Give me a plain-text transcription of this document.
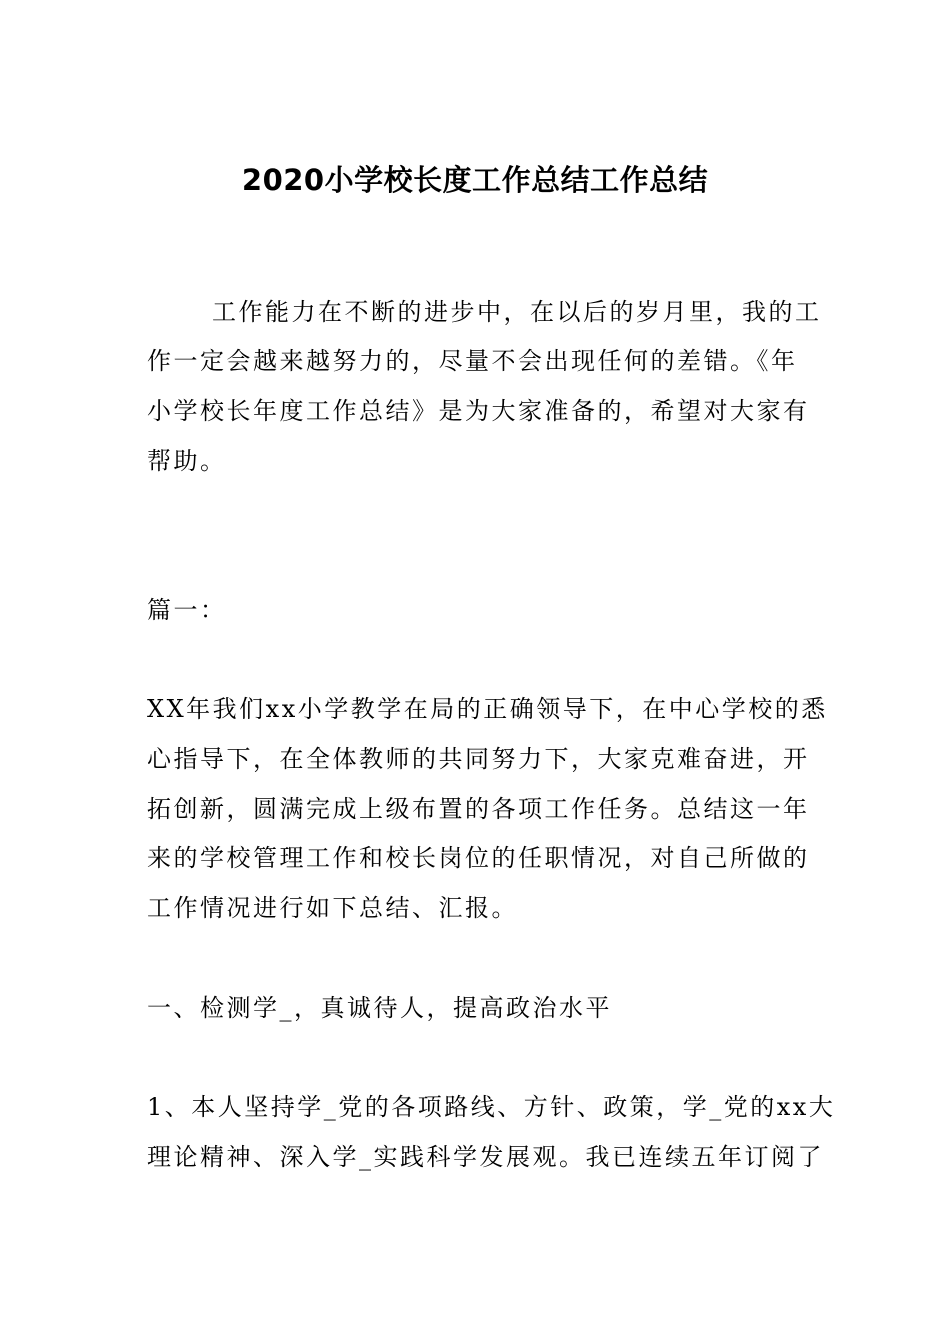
2020小学校长度工作总结工作总结
工作能力在不断的进步中，在以后的岁月里，我的工
作一定会越来越努力的，尽量不会出现任何的差错。《年
小学校长年度工作总结》是为大家准备的，希望对大家有
帮助。
篇一：
XX年我们xx小学教学在局的正确领导下，在中心学校的悉
心指导下，在全体教师的共同努力下，大家克难奋进，开
拓创新，圆满完成上级布置的各项工作任务。总结这一年
来的学校管理工作和校长岗位的任职情况，对自己所做的
工作情况进行如下总结、汇报。
一、检测学_，真诚待人，提高政治水平
1、本人坚持学_党的各项路线、方针、政策，学_党的xx大
理论精神、深入学_实践科学发展观。我已连续五年订阅了
